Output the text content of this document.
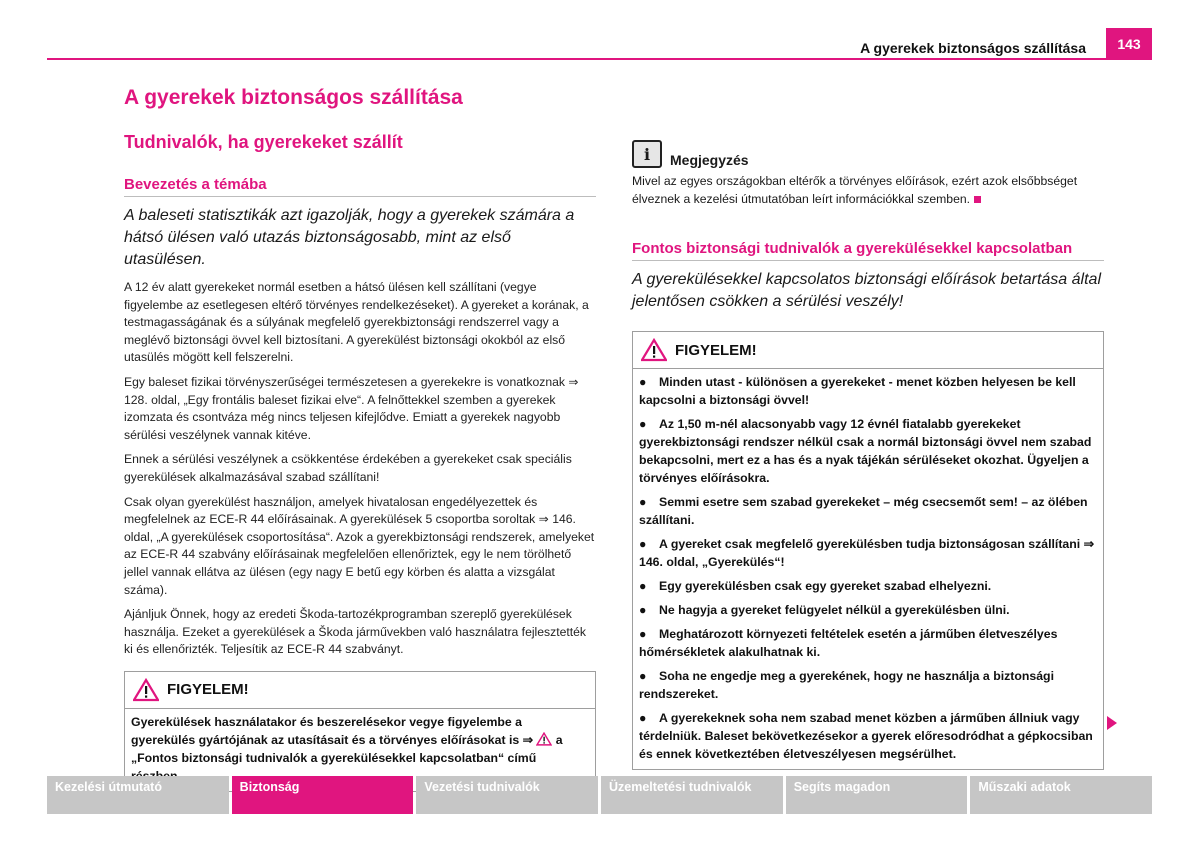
A gyerekek biztonságos szállítása	143
A gyerekek biztonságos szállítása
Tudnivalók, ha gyerekeket szállít
Bevezetés a témába
A baleseti statisztikák azt igazolják, hogy a gyerekek számára a hátsó ülésen való utazás biztonságosabb, mint az első utasülésen.

A 12 év alatt gyerekeket normál esetben a hátsó ülésen kell szállítani (vegye figyelembe az esetlegesen eltérő törvényes rendelkezéseket). A gyereket a korának, a testmagasságának és a súlyának megfelelő gyerekbiztonsági rendszerrel vagy a meglévő biztonsági övvel kell biztosítani. A gyerekülést biztonsági okokból az első utasülés mögött kell felszerelni.

Egy baleset fizikai törvényszerűségei természetesen a gyerekekre is vonatkoznak ⇒ 128. oldal, „Egy frontális baleset fizikai elve“. A felnőttekkel szemben a gyerekek izomzata és csontváza még nincs teljesen kifejlődve. Emiatt a gyerekek nagyobb sérülési veszélynek vannak kitéve.

Ennek a sérülési veszélynek a csökkentése érdekében a gyerekeket csak speciális gyerekülések alkalmazásával szabad szállítani!

Csak olyan gyerekülést használjon, amelyek hivatalosan engedélyezettek és megfelelnek az ECE-R 44 előírásainak. A gyerekülések 5 csoportba soroltak ⇒ 146. oldal, „A gyerekülések csoportosítása“. Azok a gyerekbiztonsági rendszerek, amelyeket az ECE-R 44 szabvány előírásainak megfelelően ellenőriztek, egy le nem törölhető jellel vannak ellátva az ülésen (egy nagy E betű egy körben és alatta a vizsgálat száma).

Ajánljuk Önnek, hogy az eredeti Škoda-tartozékprogramban szereplő gyerekülések használja. Ezeket a gyerekülések a Škoda járművekben való használatra fejlesztették ki és ellenőrizték. Teljesítik az ECE-R 44 szabványt.

FIGYELEM!
Gyerekülések használatakor és beszerelésekor vegye figyelembe a gyerekülés gyártójának az utasításait és a törvényes előírásokat is ⇒ a „Fontos biztonsági tudnivalók a gyerekülésekkel kapcsolatban“ című
i	Megjegyzés
Mivel az egyes országokban eltérők a törvényes előírások, ezért azok elsőbbséget élveznek a kezelési útmutatóban leírt információkkal szemben.
Fontos biztonsági tudnivalók a gyerekülésekkel kapcsolatban
A gyerekülésekkel kapcsolatos biztonsági előírások betartása által jelentősen csökken a sérülési veszély!
FIGYELEM!
● Minden utast - különösen a gyerekeket - menet közben helyesen be kell kapcsolni a biztonsági övvel!
● Az 1,50 m-nél alacsonyabb vagy 12 évnél fiatalabb gyerekeket gyerekbiztonsági rendszer nélkül csak a normál biztonsági övvel nem szabad bekapcsolni, mert ez a has és a nyak tájékán sérüléseket okozhat. Ügyeljen a törvényes előírásokra.
● Semmi esetre sem szabad gyerekeket – még csecsemőt sem! – az ölében szállítani.
● A gyereket csak megfelelő gyerekülésben tudja biztonságosan szállítani ⇒ 146. oldal, „Gyerekülés“!
● Egy gyerekülésben csak egy gyereket szabad elhelyezni.
● Ne hagyja a gyereket felügyelet nélkül a gyerekülésben ülni.
● Meghatározott környezeti feltételek esetén a járműben életveszélyes hőmérsékletek alakulhatnak ki.
● Soha ne engedje meg a gyerekének, hogy ne használja a biztonsági rendszereket.
● A gyerekeknek soha nem szabad menet közben a járműben állniuk vagy térdelniük. Baleset bekövetkezésekor a gyerek előresodródhat a gépkocsiban és ennek következtében életveszélyesen megsérülhet.
Kezelési útmutató	Biztonság	Vezetési tudnivalók	Üzemeltetési tudnivalók	Segíts magadon	Műszaki adatok
